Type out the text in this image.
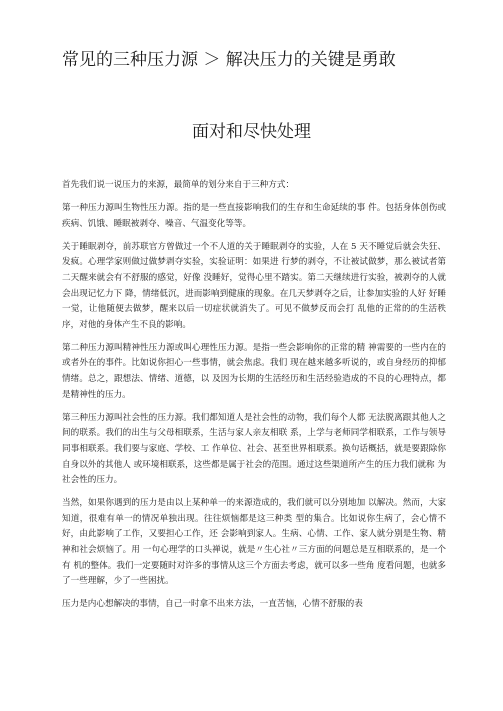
常见的三种压力源 ＞ 解决压力的关键是勇敢
面对和尽快处理

首先我们说一说压力的来源，最简单的划分来自于三种方式：

第一种压力源叫生物性压力源。指的是一些直接影响我们的生存和生命延续的事 件。包括身体创伤或疾病、饥饿、睡眠被剥夺、噪音、气温变化等等。

关于睡眠剥夺，前苏联官方曾做过一个不人道的关于睡眠剥夺的实验，人在 5 天不睡觉后就会失狂、发疯。心理学家则做过做梦剥夺实验，实验证明：如果进 行梦的剥夺，不让被试做梦，那么被试者第二天醒来就会有不舒服的感觉，好像 没睡好，觉得心里不踏实。第二天继续进行实验，被剥夺的人就会出现记忆力下 降，情绪低沉，进而影响到健康的现象。在几天梦剥夺之后，让参加实验的人好 好睡一觉，让他随便去做梦，醒来以后一切症状就消失了。可见不做梦反而会打 乱他的正常的的生活秩序，对他的身体产生不良的影响。

第二种压力源叫精神性压力源或叫心理性压力源。是指一些会影响你的正常的精 神需要的一些内在的或者外在的事件。比如说你担心一些事情，就会焦虑。我们 现在越来越多听说的，或自身经历的抑郁情绪。总之，跟想法、情绪、道德，以 及因为长期的生活经历和生活经验造成的不良的心理特点，都是精神性的压力。

第三种压力源叫社会性的压力源。我们都知道人是社会性的动物，我们每个人都 无法脱离跟其他人之间的联系。我们的出生与父母相联系，生活与家人亲友相联 系，上学与老师同学相联系，工作与领导同事相联系。我们要与家庭、学校、工 作单位、社会、甚至世界相联系。换句话概括，就是要跟除你自身以外的其他人 或环境相联系，这些都是属于社会的范围。通过这些渠道所产生的压力我们就称 为社会性的压力。

当然，如果你遇到的压力是由以上某种单一的来源造成的，我们就可以分别地加 以解决。然而，大家知道，很难有单一的情况单独出现。往往烦恼都是这三种类 型的集合。比如说你生病了，会心情不好，由此影响了工作，又要担心工作，还 会影响到家人。生病、心情、工作、家人就分别是生物、精神和社会烦恼了。用 一句心理学的口头禅说，就是〃生心社〃三方面的问题总是互相联系的，是一个有 机的整体。我们一定要随时对许多的事情从这三个方面去考虑，就可以多一些角 度看问题，也就多了一些理解，少了一些困扰。

压力是内心想解决的事情，自己一时拿不出来方法，一直苦恼，心情不舒服的表
